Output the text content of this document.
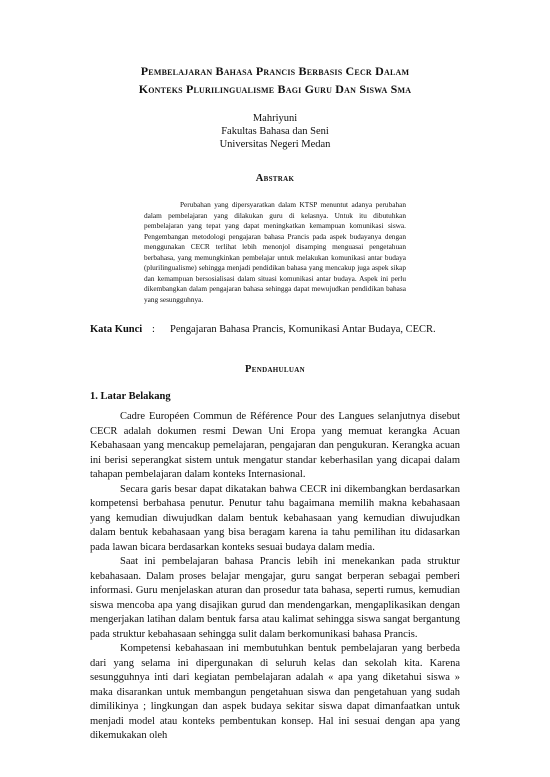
Pembelajaran Bahasa Prancis Berbasis Cecr Dalam
Konteks Plurilingualisme Bagi Guru Dan Siswa Sma
Mahriyuni
Fakultas Bahasa dan Seni
Universitas Negeri Medan
Abstrak
Perubahan yang dipersyaratkan dalam KTSP menuntut adanya perubahan dalam pembelajaran yang dilakukan guru di kelasnya. Untuk itu dibutuhkan pembelajaran yang tepat yang dapat meningkatkan kemampuan komunikasi siswa. Pengembangan metodologi pengajaran bahasa Prancis pada aspek budayanya dengan menggunakan CECR terlihat lebih menonjol disamping menguasai pengetahuan berbahasa, yang memungkinkan pembelajar untuk melakukan komunikasi antar budaya (plurilingualisme) sehingga menjadi pendidikan bahasa yang mencakup juga aspek sikap dan kemampuan bersosialisasi dalam situasi komunikasi antar budaya. Aspek ini perlu dikembangkan dalam pengajaran bahasa sehingga dapat mewujudkan pendidikan bahasa yang sesungguhnya.
Kata Kunci :	Pengajaran Bahasa Prancis, Komunikasi Antar Budaya, CECR.
Pendahuluan
1. Latar Belakang

Cadre Européen Commun de Référence Pour des Langues selanjutnya disebut CECR adalah dokumen resmi Dewan Uni Eropa yang memuat kerangka Acuan Kebahasaan yang mencakup pemelajaran, pengajaran dan pengukuran. Kerangka acuan ini berisi seperangkat sistem untuk mengatur standar keberhasilan yang dicapai dalam tahapan pembelajaran dalam konteks Internasional.

Secara garis besar dapat dikatakan bahwa CECR ini dikembangkan berdasarkan kompetensi berbahasa penutur. Penutur tahu bagaimana memilih makna kebahasaan yang kemudian diwujudkan dalam bentuk kebahasaan yang kemudian diwujudkan dalam bentuk kebahasaan yang bisa beragam karena ia tahu pemilihan itu didasarkan pada lawan bicara berdasarkan konteks sesuai budaya dalam media.

Saat ini pembelajaran bahasa Prancis lebih ini menekankan pada struktur kebahasaan. Dalam proses belajar mengajar, guru sangat berperan sebagai pemberi informasi. Guru menjelaskan aturan dan prosedur tata bahasa, seperti rumus, kemudian siswa mencoba apa yang disajikan gurud dan mendengarkan, mengaplikasikan dengan mengerjakan latihan dalam bentuk farsa atau kalimat sehingga siswa sangat bergantung pada struktur kebahasaan sehingga sulit dalam berkomunikasi bahasa Prancis.

Kompetensi kebahasaan ini membutuhkan bentuk pembelajaran yang berbeda dari yang selama ini dipergunakan di seluruh kelas dan sekolah kita. Karena sesungguhnya inti dari kegiatan pembelajaran adalah « apa yang diketahui siswa » maka disarankan untuk membangun pengetahuan siswa dan pengetahuan yang sudah dimilikinya ; lingkungan dan aspek budaya sekitar siswa dapat dimanfaatkan untuk menjadi model atau konteks pembentukan konsep. Hal ini sesuai dengan apa yang dikemukakan oleh
